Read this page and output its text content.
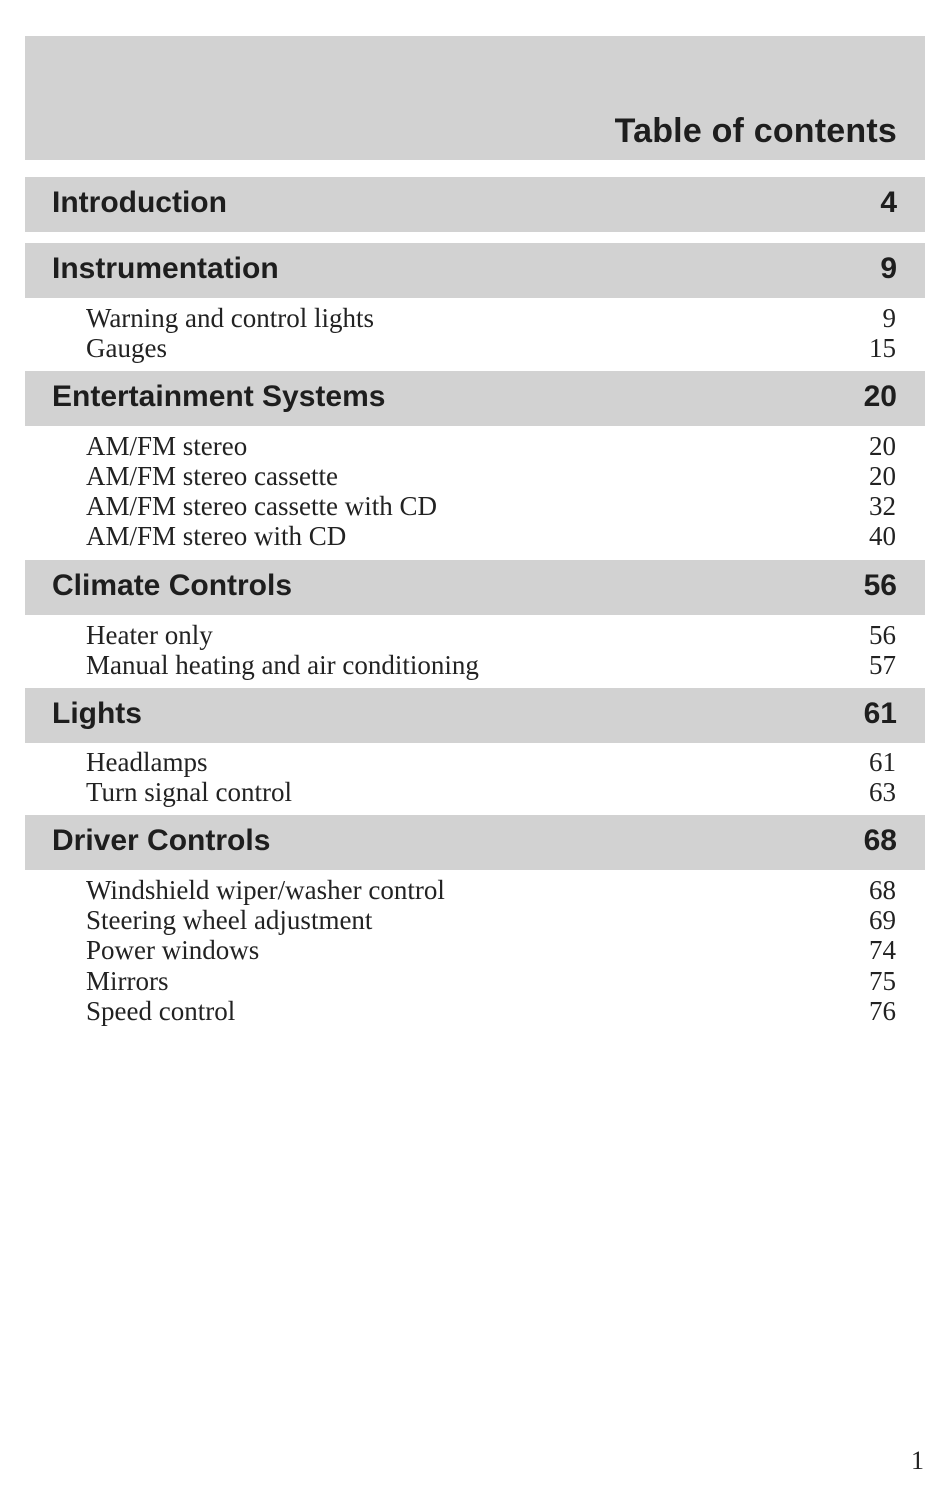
Table of contents
Introduction	4
Instrumentation	9
Warning and control lights	9
Gauges	15
Entertainment Systems	20
AM/FM stereo	20
AM/FM stereo cassette	20
AM/FM stereo cassette with CD	32
AM/FM stereo with CD	40
Climate Controls	56
Heater only	56
Manual heating and air conditioning	57
Lights	61
Headlamps	61
Turn signal control	63
Driver Controls	68
Windshield wiper/washer control	68
Steering wheel adjustment	69
Power windows	74
Mirrors	75
Speed control	76
1
